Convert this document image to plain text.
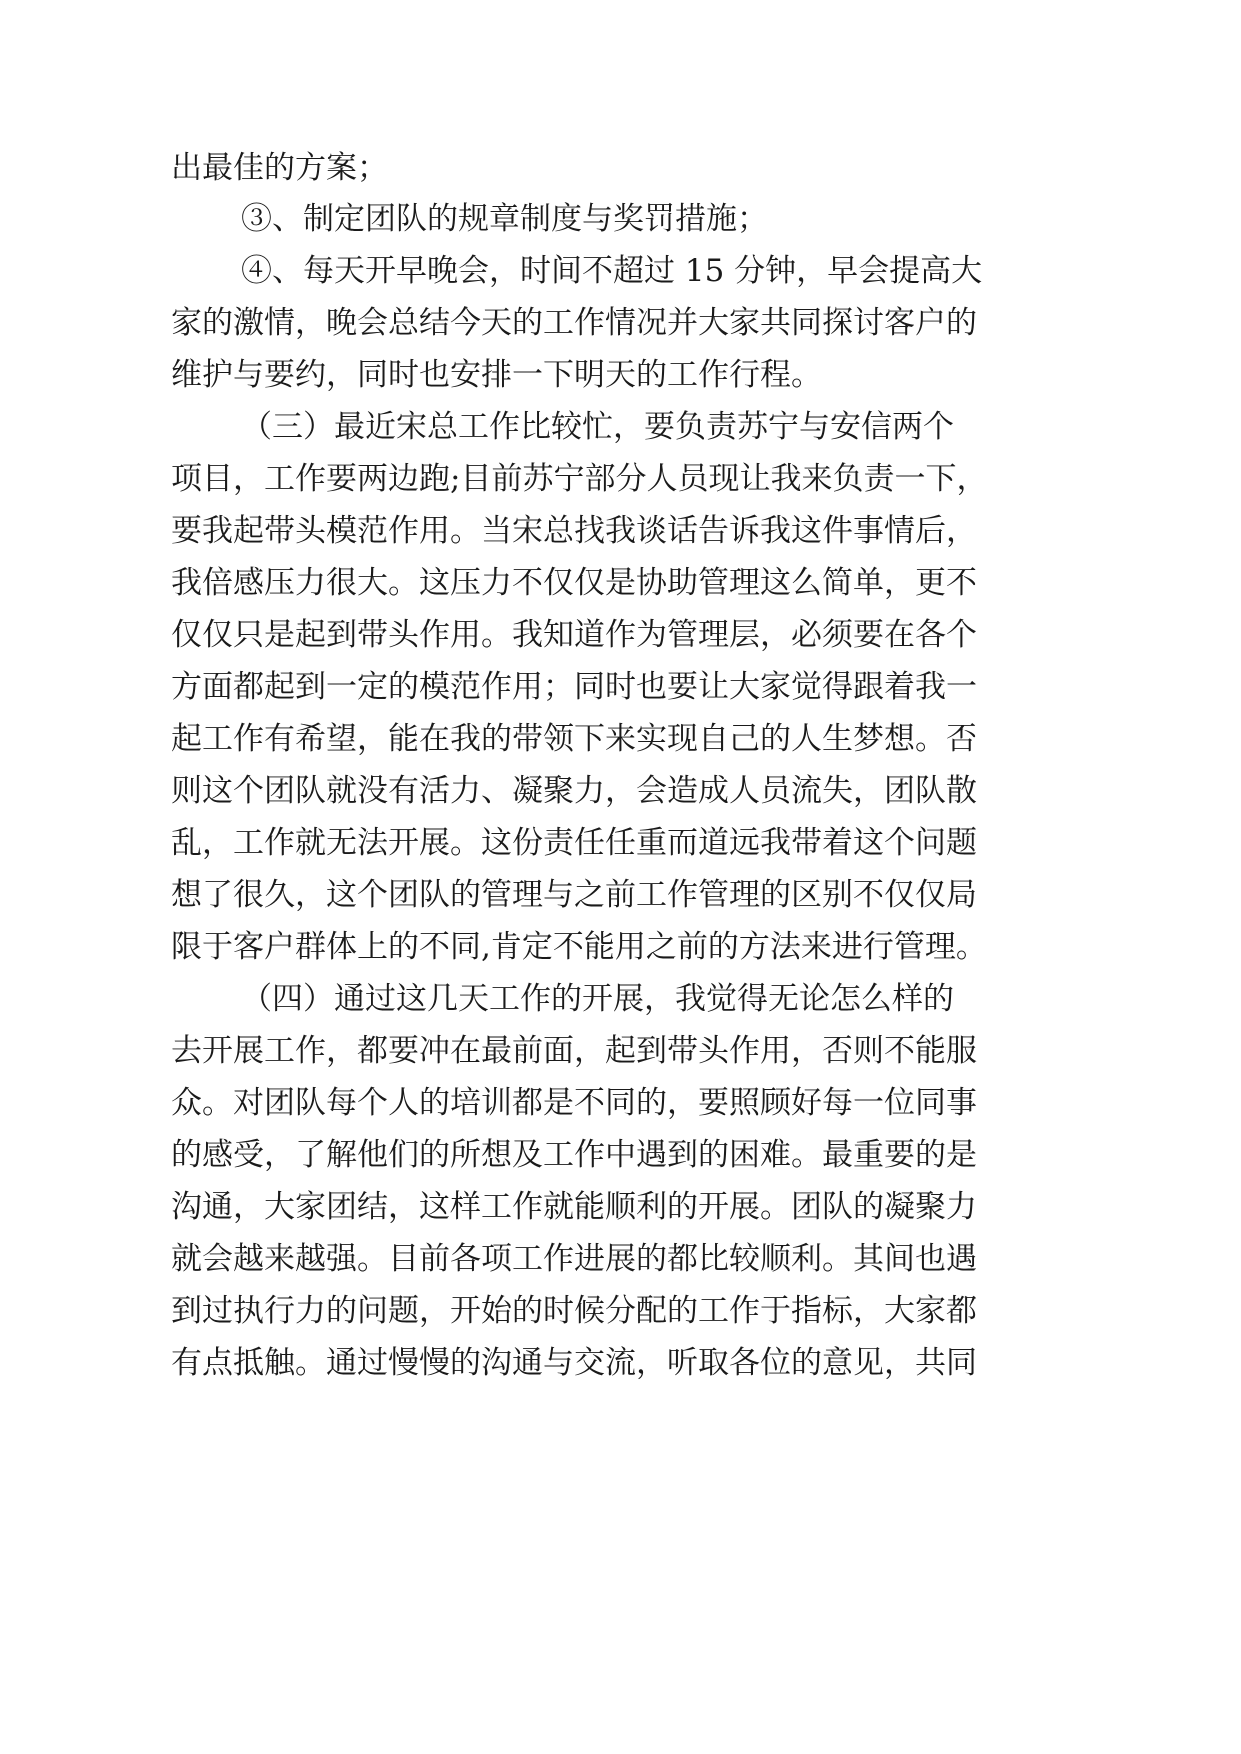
出最佳的方案；
③、制定团队的规章制度与奖罚措施；
④、每天开早晚会，时间不超过 15 分钟，早会提高大
家的激情，晚会总结今天的工作情况并大家共同探讨客户的
维护与要约，同时也安排一下明天的工作行程。
（三）最近宋总工作比较忙，要负责苏宁与安信两个
项目，工作要两边跑;目前苏宁部分人员现让我来负责一下，
要我起带头模范作用。当宋总找我谈话告诉我这件事情后，
我倍感压力很大。这压力不仅仅是协助管理这么简单，更不
仅仅只是起到带头作用。我知道作为管理层，必须要在各个
方面都起到一定的模范作用；同时也要让大家觉得跟着我一
起工作有希望，能在我的带领下来实现自己的人生梦想。否
则这个团队就没有活力、凝聚力，会造成人员流失，团队散
乱，工作就无法开展。这份责任任重而道远我带着这个问题
想了很久，这个团队的管理与之前工作管理的区别不仅仅局
限于客户群体上的不同,肯定不能用之前的方法来进行管理。
（四）通过这几天工作的开展，我觉得无论怎么样的
去开展工作，都要冲在最前面，起到带头作用，否则不能服
众。对团队每个人的培训都是不同的，要照顾好每一位同事
的感受，了解他们的所想及工作中遇到的困难。最重要的是
沟通，大家团结，这样工作就能顺利的开展。团队的凝聚力
就会越来越强。目前各项工作进展的都比较顺利。其间也遇
到过执行力的问题，开始的时候分配的工作于指标，大家都
有点抵触。通过慢慢的沟通与交流，听取各位的意见，共同
